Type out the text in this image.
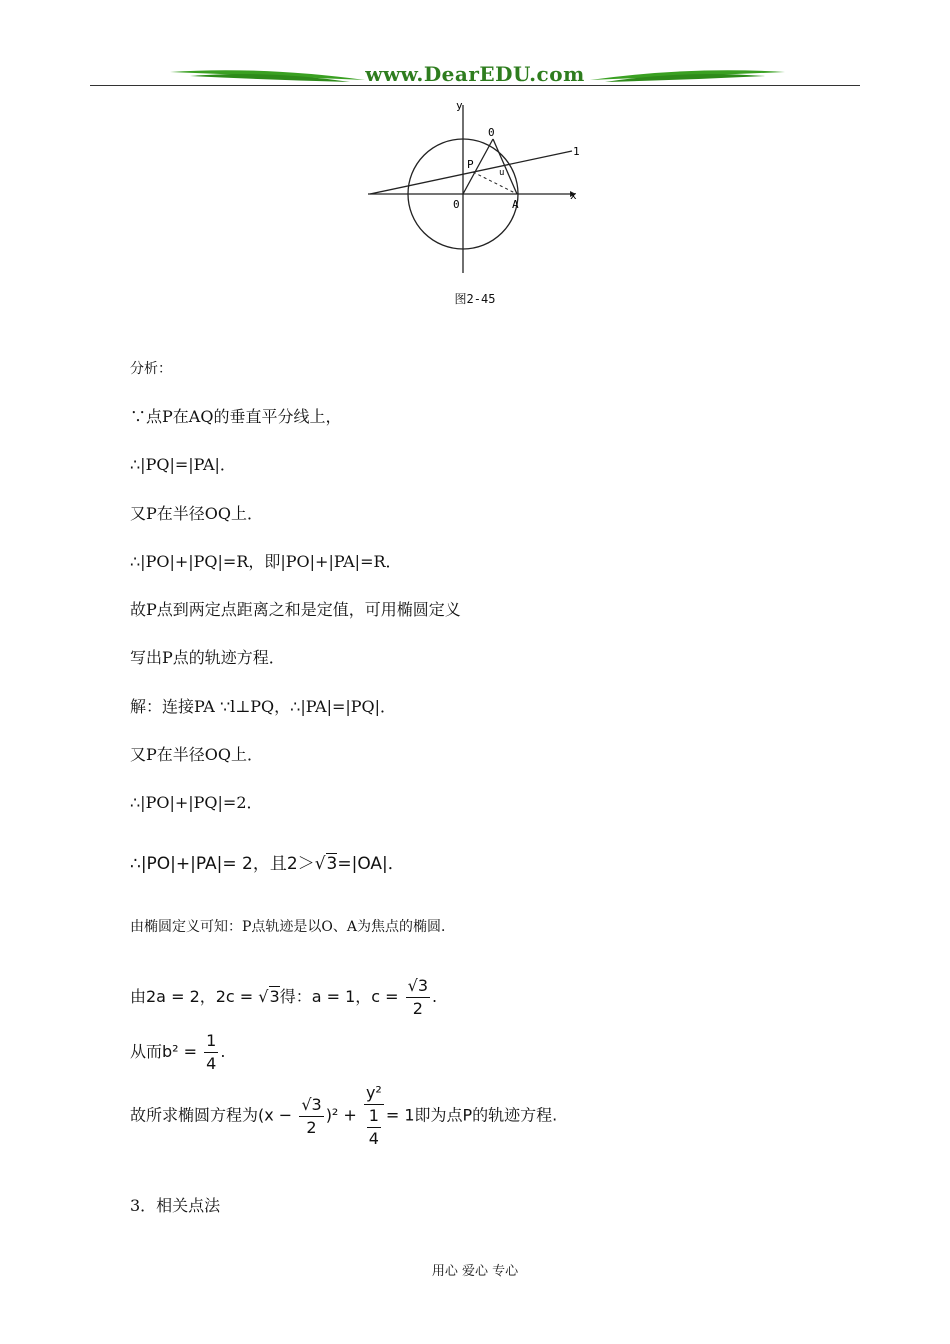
www.DearEDU.com
y
x
0
0
P
A
1
u
图2-45
分析：
∵点P在AQ的垂直平分线上，
∴|PQ|=|PA|．
又P在半径OQ上．
∴|PO|+|PQ|=R，即|PO|+|PA|=R．
故P点到两定点距离之和是定值，可用椭圆定义
写出P点的轨迹方程．
解：连接PA ∵l⊥PQ，∴|PA|=|PQ|．
又P在半径OQ上．
∴|PO|+|PQ|=2．
∴|PO|+|PA|= 2，且2＞√3=|OA|．
由椭圆定义可知：P点轨迹是以O、A为焦点的椭圆．
由2a = 2，2c = √3得：a = 1，$c = \frac{√3}{2}$ .
从而$b^2 = \frac{1}{4}$ .
故所求椭圆方程为$(x - \frac{√3}{2} )^2 + \frac{\text{y²}}{\frac{1}{4}} = 1$即为点P的轨迹方程.
3．相关点法
用心 爱心 专心
